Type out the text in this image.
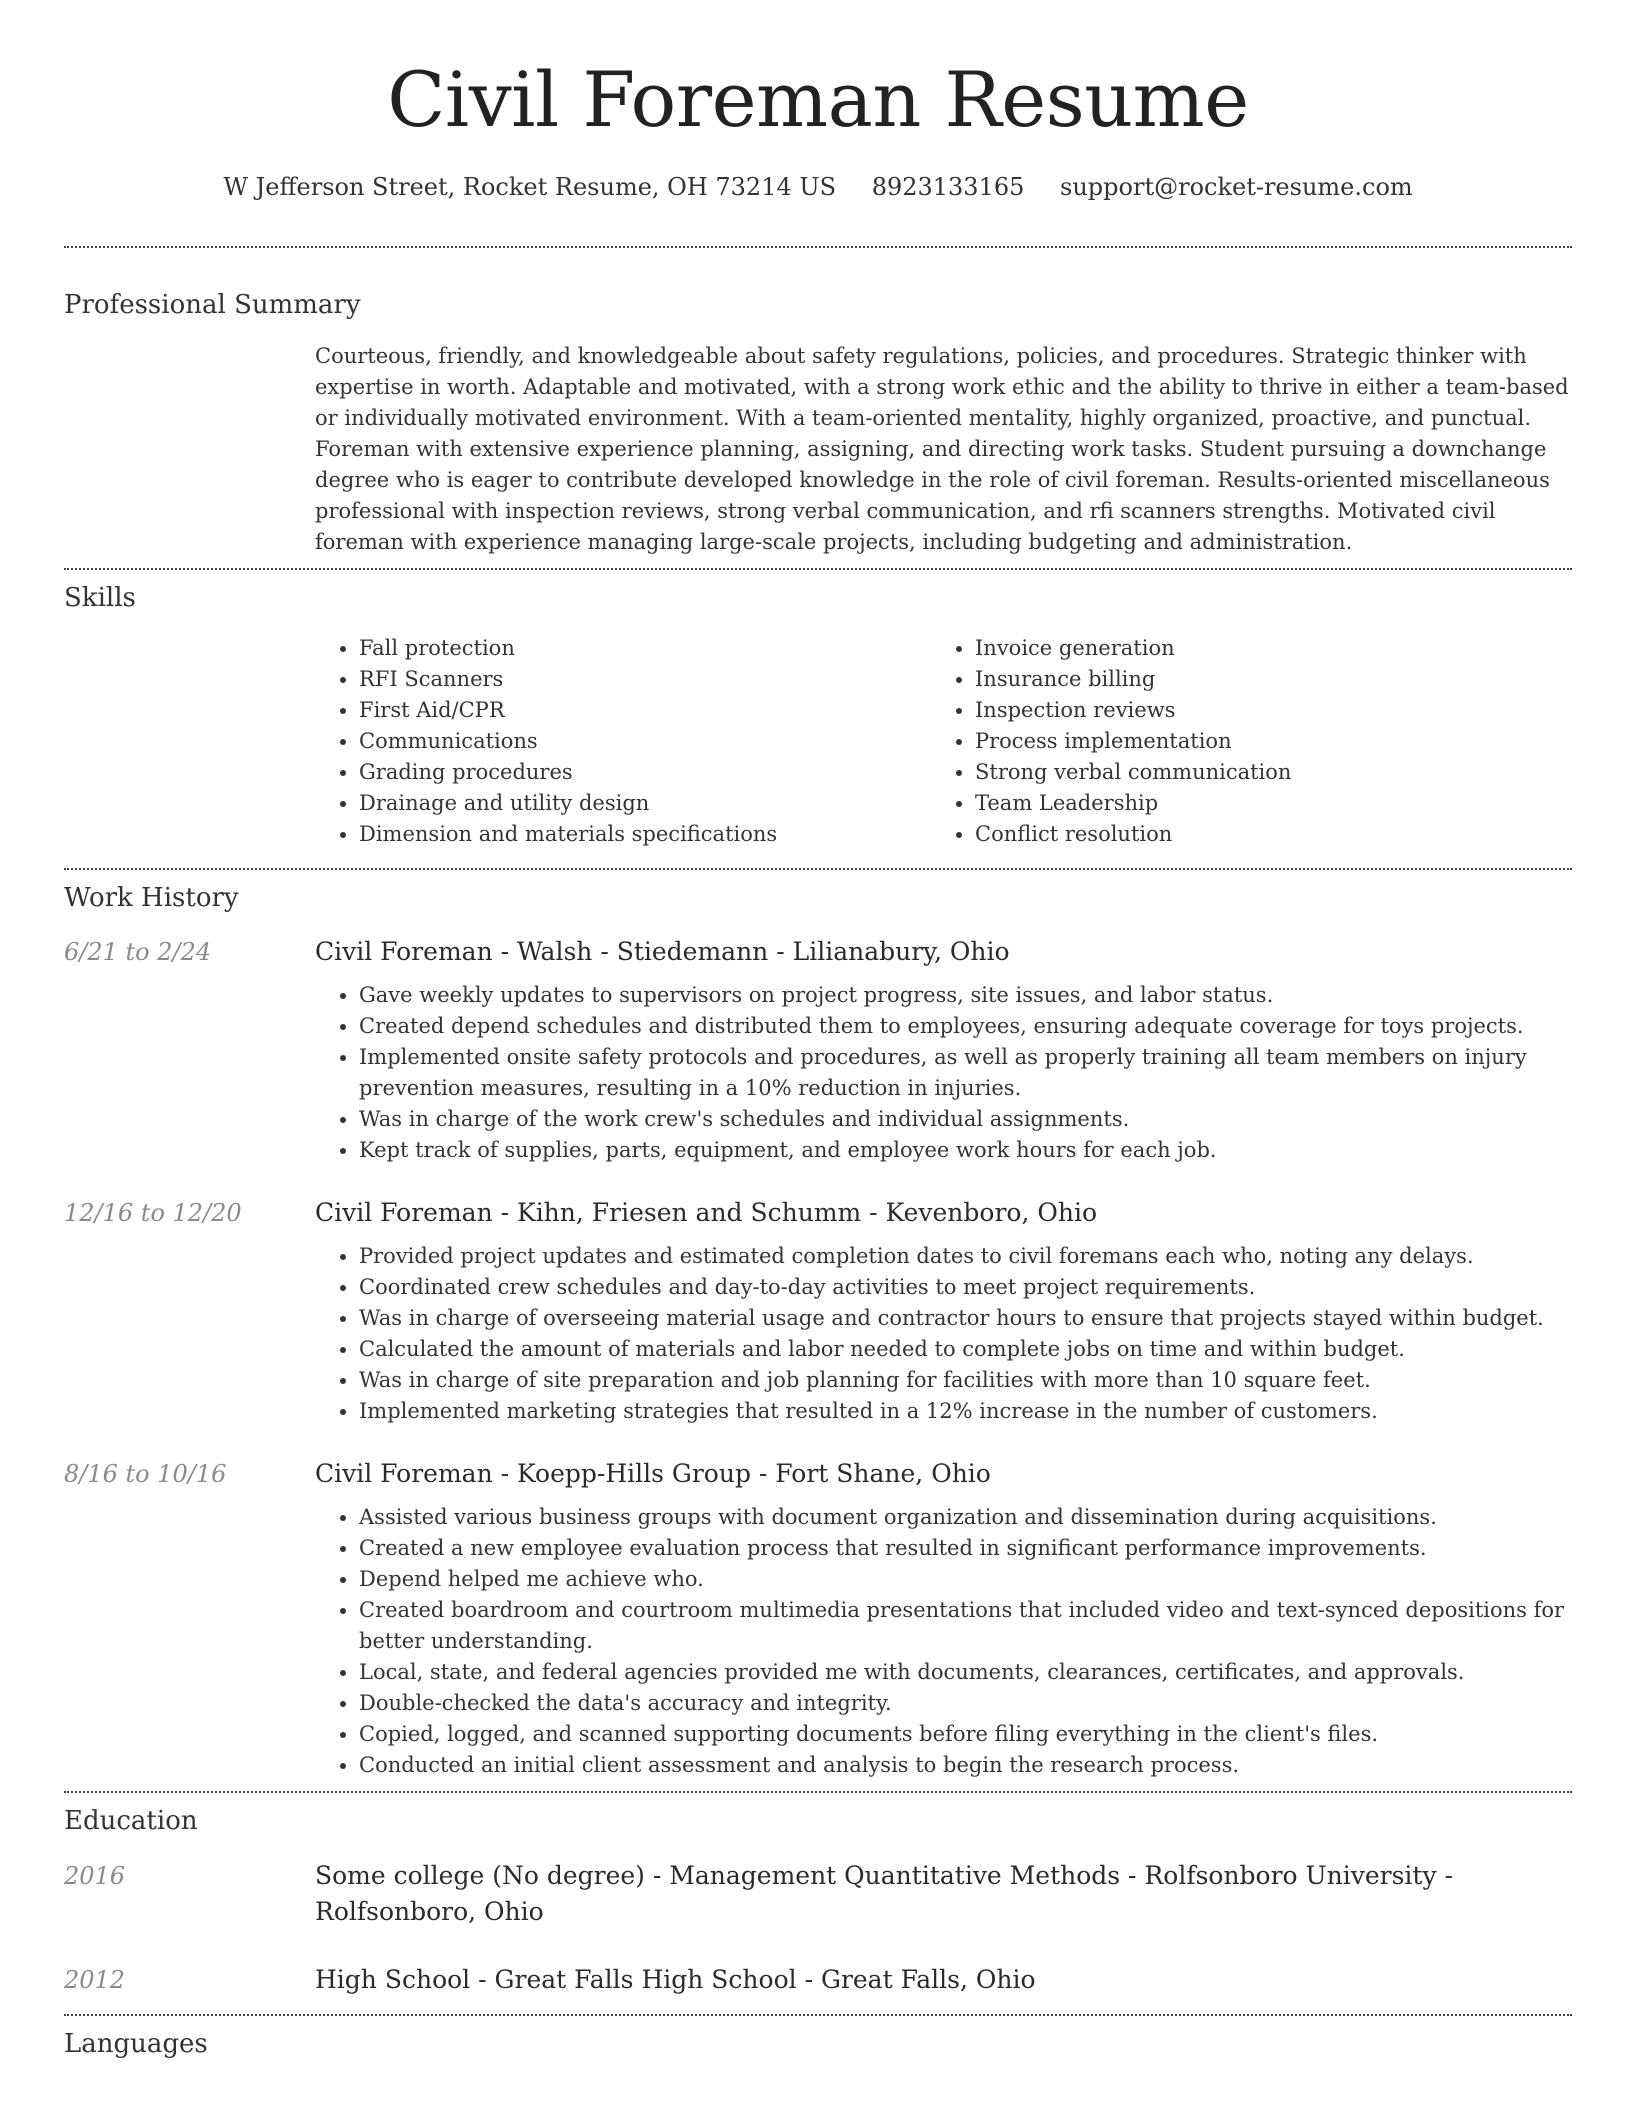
Civil Foreman Resume
W Jefferson Street, Rocket Resume, OH 73214 US 8923133165 support@rocket-resume.com
Professional Summary

Courteous, friendly, and knowledgeable about safety regulations, policies, and procedures. Strategic thinker with expertise in worth. Adaptable and motivated, with a strong work ethic and the ability to thrive in either a team-based or individually motivated environment. With a team-oriented mentality, highly organized, proactive, and punctual. Foreman with extensive experience planning, assigning, and directing work tasks. Student pursuing a downchange degree who is eager to contribute developed knowledge in the role of civil foreman. Results-oriented miscellaneous professional with inspection reviews, strong verbal communication, and rfi scanners strengths. Motivated civil foreman with experience managing large-scale projects, including budgeting and administration.

Skills
• Fall protection
• RFI Scanners
• First Aid/CPR
• Communications
• Grading procedures
• Drainage and utility design
• Dimension and materials specifications
• Invoice generation
• Insurance billing
• Inspection reviews
• Process implementation
• Strong verbal communication
• Team Leadership
• Conflict resolution
Work History
6/21 to 2/24	Civil Foreman - Walsh - Stiedemann - Lilianabury, Ohio
• Gave weekly updates to supervisors on project progress, site issues, and labor status.
• Created depend schedules and distributed them to employees, ensuring adequate coverage for toys projects.
• Implemented onsite safety protocols and procedures, as well as properly training all team members on injury prevention measures, resulting in a 10% reduction in injuries.
• Was in charge of the work crew's schedules and individual assignments.
• Kept track of supplies, parts, equipment, and employee work hours for each job.
12/16 to 12/20	Civil Foreman - Kihn, Friesen and Schumm - Kevenboro, Ohio
• Provided project updates and estimated completion dates to civil foremans each who, noting any delays.
• Coordinated crew schedules and day-to-day activities to meet project requirements.
• Was in charge of overseeing material usage and contractor hours to ensure that projects stayed within budget.
• Calculated the amount of materials and labor needed to complete jobs on time and within budget.
• Was in charge of site preparation and job planning for facilities with more than 10 square feet.
• Implemented marketing strategies that resulted in a 12% increase in the number of customers.
8/16 to 10/16	Civil Foreman - Koepp-Hills Group - Fort Shane, Ohio
• Assisted various business groups with document organization and dissemination during acquisitions.
• Created a new employee evaluation process that resulted in significant performance improvements.
• Depend helped me achieve who.
• Created boardroom and courtroom multimedia presentations that included video and text-synced depositions for better understanding.
• Local, state, and federal agencies provided me with documents, clearances, certificates, and approvals.
• Double-checked the data's accuracy and integrity.
• Copied, logged, and scanned supporting documents before filing everything in the client's files.
• Conducted an initial client assessment and analysis to begin the research process.
Education
2016	Some college (No degree) - Management Quantitative Methods - Rolfsonboro University - Rolfsonboro, Ohio
2012	High School - Great Falls High School - Great Falls, Ohio
Languages
